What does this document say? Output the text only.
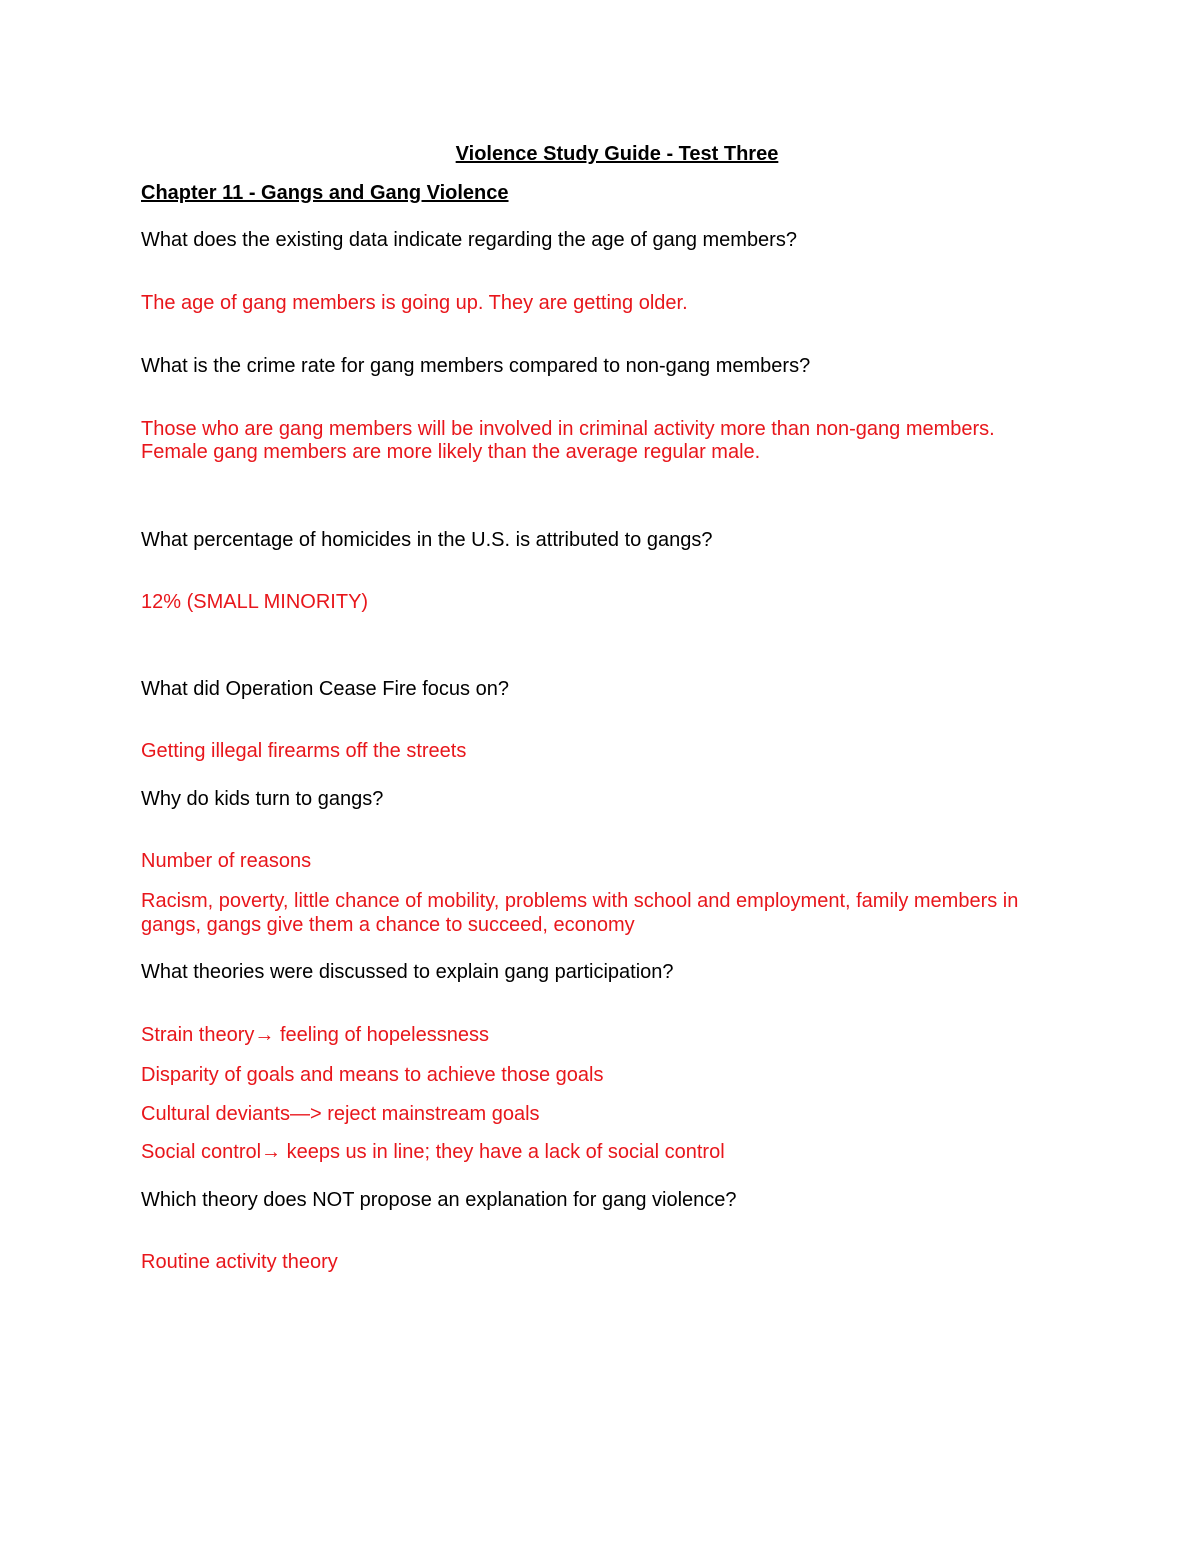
Violence Study Guide - Test Three

Chapter 11 - Gangs and Gang Violence

What does the existing data indicate regarding the age of gang members?

The age of gang members is going up. They are getting older.

What is the crime rate for gang members compared to non-gang members?

Those who are gang members will be involved in criminal activity more than non-gang members.

Female gang members are more likely than the average regular male.

What percentage of homicides in the U.S. is attributed to gangs?

12% (SMALL MINORITY)

What did Operation Cease Fire focus on?

Getting illegal firearms off the streets

Why do kids turn to gangs?

Number of reasons

Racism, poverty, little chance of mobility, problems with school and employment, family members in

gangs, gangs give them a chance to succeed, economy

What theories were discussed to explain gang participation?

Strain theory→ feeling of hopelessness

Disparity of goals and means to achieve those goals

Cultural deviants—> reject mainstream goals

Social control→ keeps us in line; they have a lack of social control

Which theory does NOT propose an explanation for gang violence?

Routine activity theory
